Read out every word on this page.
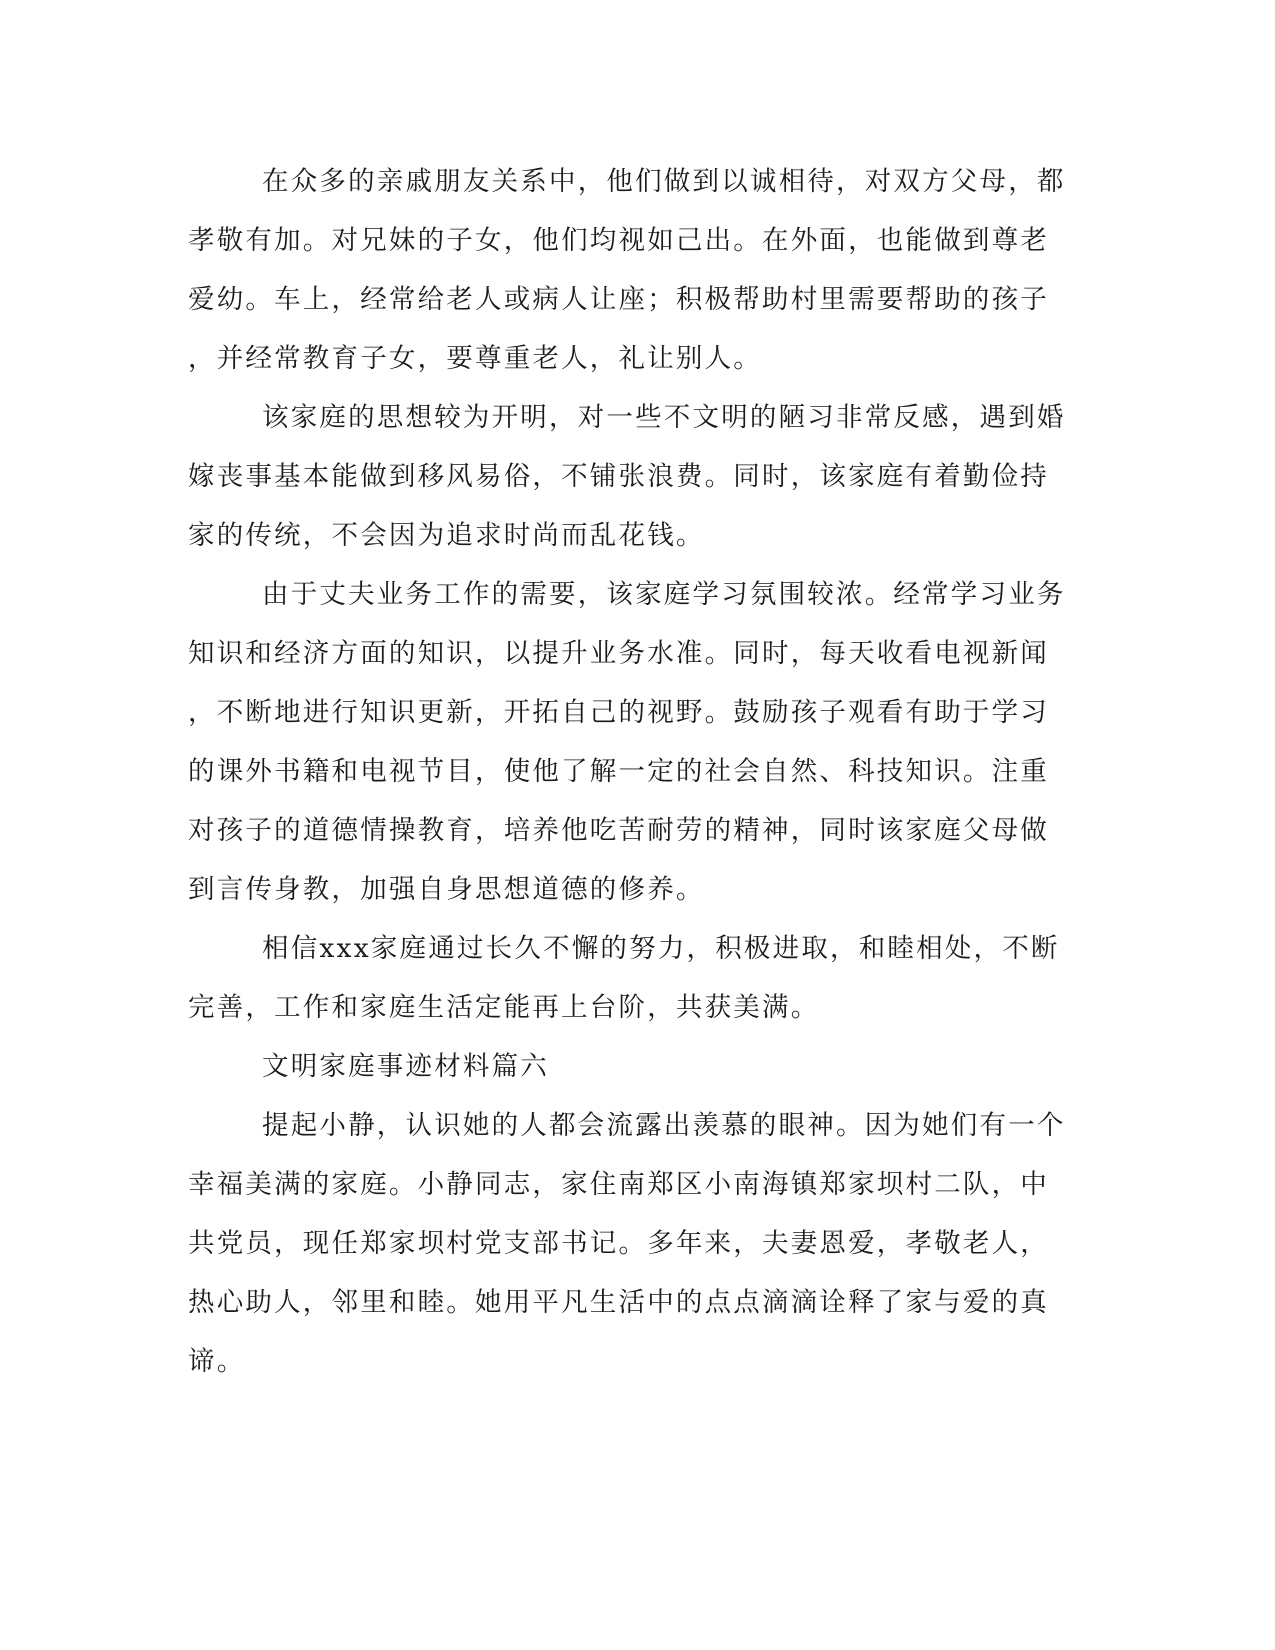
在众多的亲戚朋友关系中，他们做到以诚相待，对双方父母，都
孝敬有加。对兄妹的子女，他们均视如己出。在外面，也能做到尊老
爱幼。车上，经常给老人或病人让座；积极帮助村里需要帮助的孩子
，并经常教育子女，要尊重老人，礼让别人。
该家庭的思想较为开明，对一些不文明的陋习非常反感，遇到婚
嫁丧事基本能做到移风易俗，不铺张浪费。同时，该家庭有着勤俭持
家的传统，不会因为追求时尚而乱花钱。
由于丈夫业务工作的需要，该家庭学习氛围较浓。经常学习业务
知识和经济方面的知识，以提升业务水准。同时，每天收看电视新闻
，不断地进行知识更新，开拓自己的视野。鼓励孩子观看有助于学习
的课外书籍和电视节目，使他了解一定的社会自然、科技知识。注重
对孩子的道德情操教育，培养他吃苦耐劳的精神，同时该家庭父母做
到言传身教，加强自身思想道德的修养。
相信xxx家庭通过长久不懈的努力，积极进取，和睦相处，不断
完善，工作和家庭生活定能再上台阶，共获美满。
文明家庭事迹材料篇六
提起小静，认识她的人都会流露出羡慕的眼神。因为她们有一个
幸福美满的家庭。小静同志，家住南郑区小南海镇郑家坝村二队，中
共党员，现任郑家坝村党支部书记。多年来，夫妻恩爱，孝敬老人，
热心助人，邻里和睦。她用平凡生活中的点点滴滴诠释了家与爱的真
谛。
